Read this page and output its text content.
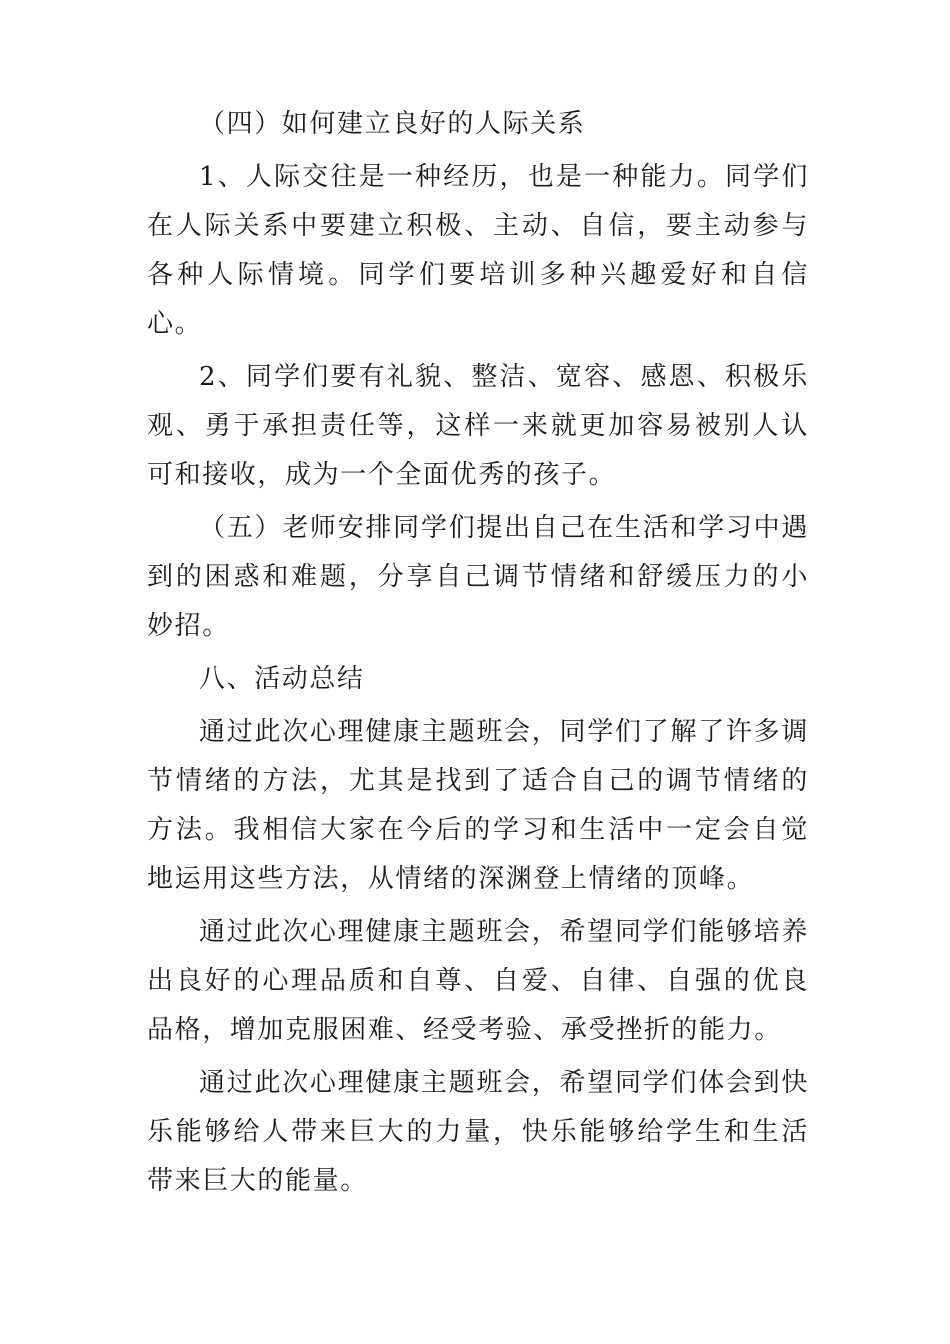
（四）如何建立良好的人际关系

1、人际交往是一种经历，也是一种能力。同学们在人际关系中要建立积极、主动、自信，要主动参与各种人际情境。同学们要培训多种兴趣爱好和自信心。

2、同学们要有礼貌、整洁、宽容、感恩、积极乐观、勇于承担责任等，这样一来就更加容易被别人认可和接收，成为一个全面优秀的孩子。

（五）老师安排同学们提出自己在生活和学习中遇到的困惑和难题，分享自己调节情绪和舒缓压力的小妙招。

八、活动总结

通过此次心理健康主题班会，同学们了解了许多调节情绪的方法，尤其是找到了适合自己的调节情绪的方法。我相信大家在今后的学习和生活中一定会自觉地运用这些方法，从情绪的深渊登上情绪的顶峰。

通过此次心理健康主题班会，希望同学们能够培养出良好的心理品质和自尊、自爱、自律、自强的优良品格，增加克服困难、经受考验、承受挫折的能力。

通过此次心理健康主题班会，希望同学们体会到快乐能够给人带来巨大的力量，快乐能够给学生和生活带来巨大的能量。
